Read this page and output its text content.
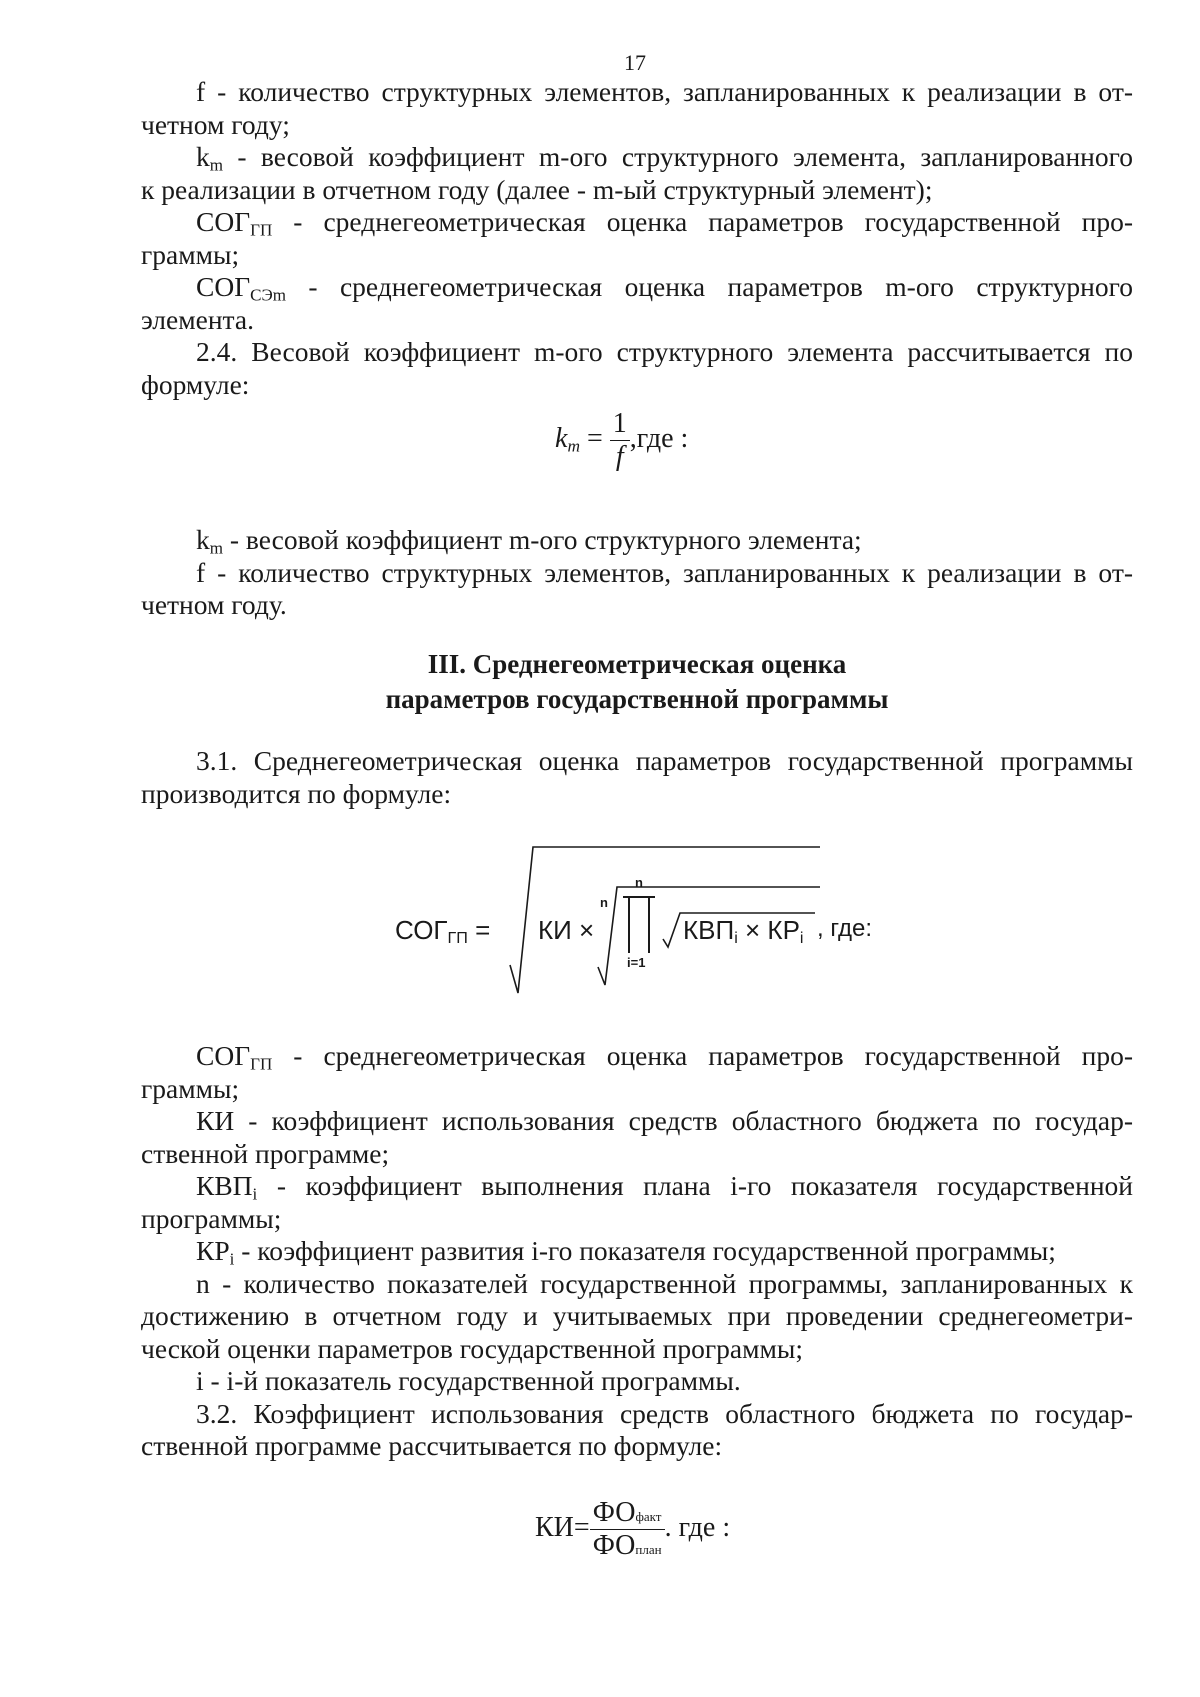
17

f - количество структурных элементов, запланированных к реализации в от-

четном году;

$k_m$ - весовой коэффициент m-ого структурного элемента, запланированного

к реализации в отчетном году (далее - m-ый структурный элемент);

$СОГ_{ГП}$ - среднегеометрическая оценка параметров государственной про-

граммы;

$СОГ_{СЭm}$ - среднегеометрическая оценка параметров m-ого структурного

элемента.

2.4. Весовой коэффициент m-ого структурного элемента рассчитывается по

формуле:

$k_m = \frac{1}{f} ,где$ :

$k_m$ - весовой коэффициент m-ого структурного элемента;

f - количество структурных элементов, запланированных к реализации в от-

четном году.

III. Среднегеометрическая оценка

параметров государственной программы

3.1. Среднегеометрическая оценка параметров государственной программы

производится по формуле:

$СОГ_{ГП}$ = КИ ×
n
n
i=1
$КВП_i \times КР_i$ , где:

$СОГ_{ГП}$ - среднегеометрическая оценка параметров государственной про-

граммы;

КИ - коэффициент использования средств областного бюджета по государ-

ственной программе;

$КВП_i$ - коэффициент выполнения плана i-го показателя государственной

программы;

$КР_i$ - коэффициент развития i-го показателя государственной программы;

n - количество показателей государственной программы, запланированных к

достижению в отчетном году и учитываемых при проведении среднегеометри-

ческой оценки параметров государственной программы;

i - i-й показатель государственной программы.

3.2. Коэффициент использования средств областного бюджета по государ-

ственной программе рассчитывается по формуле:

$КИ= \frac{\text{ФОфакт}}{\text{ФОплан}}$ . где :
